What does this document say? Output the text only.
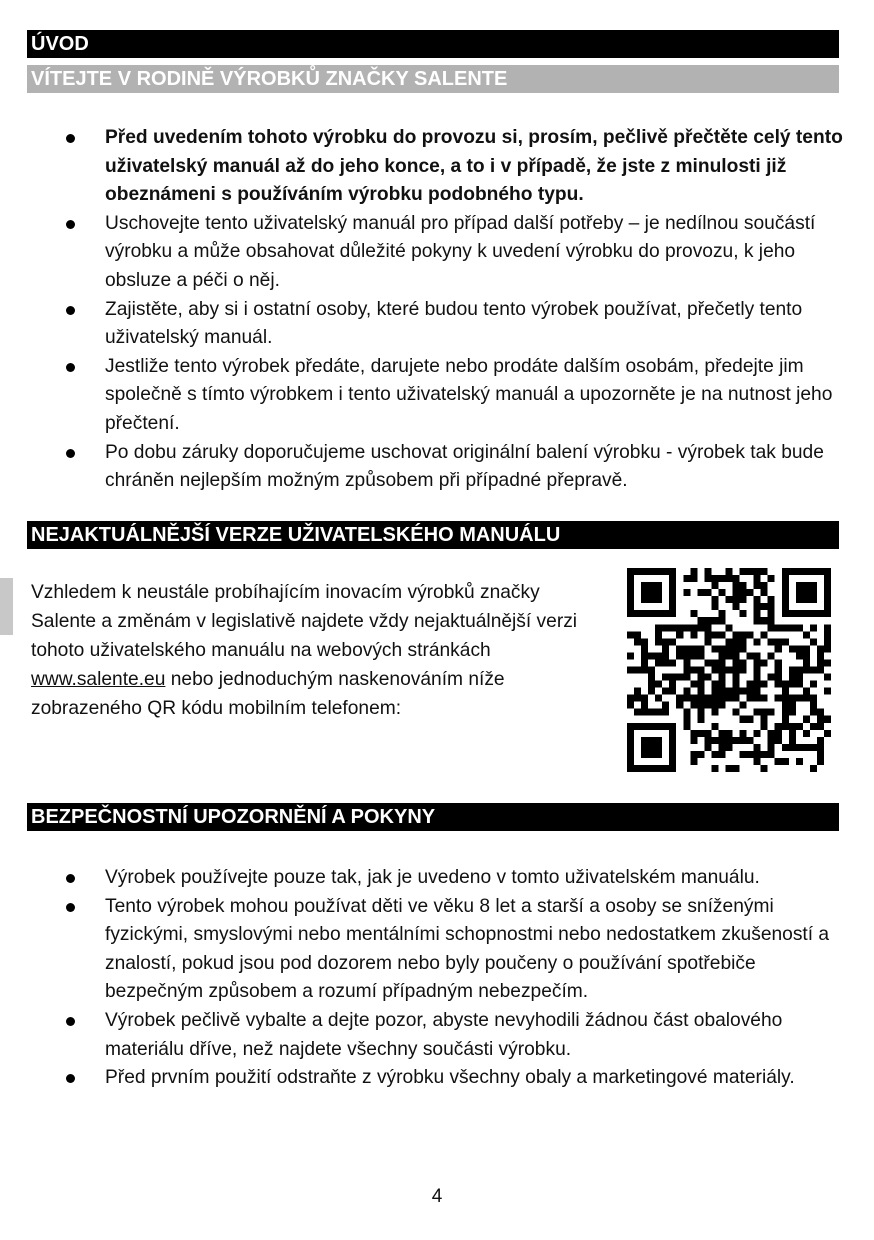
ÚVOD
VÍTEJTE V RODINĚ VÝROBKŮ ZNAČKY SALENTE
Před uvedením tohoto výrobku do provozu si, prosím, pečlivě přečtěte celý tento uživatelský manuál až do jeho konce, a to i v případě, že jste z minulosti již obeznámeni s používáním výrobku podobného typu.
Uschovejte tento uživatelský manuál pro případ další potřeby – je nedílnou součástí výrobku a může obsahovat důležité pokyny k uvedení výrobku do provozu, k jeho obsluze a péči o něj.
Zajistěte, aby si i ostatní osoby, které budou tento výrobek používat, přečetly tento uživatelský manuál.
Jestliže tento výrobek předáte, darujete nebo prodáte dalším osobám, předejte jim společně s tímto výrobkem i tento uživatelský manuál a upozorněte je na nutnost jeho přečtení.
Po dobu záruky doporučujeme uschovat originální balení výrobku - výrobek tak bude chráněn nejlepším možným způsobem při případné přepravě.
NEJAKTUÁLNĚJŠÍ VERZE UŽIVATELSKÉHO MANUÁLU

Vzhledem k neustále probíhajícím inovacím výrobků značky Salente a změnám v legislativě najdete vždy nejaktuálnější verzi tohoto uživatelského manuálu na webových stránkách www.salente.eu nebo jednoduchým naskenováním níže zobrazeného QR kódu mobilním telefonem:

BEZPEČNOSTNÍ UPOZORNĚNÍ A POKYNY
Výrobek používejte pouze tak, jak je uvedeno v tomto uživatelském manuálu.
Tento výrobek mohou používat děti ve věku 8 let a starší a osoby se sníženými fyzickými, smyslovými nebo mentálními schopnostmi nebo nedostatkem zkušeností a znalostí, pokud jsou pod dozorem nebo byly poučeny o používání spotřebiče bezpečným způsobem a rozumí případným nebezpečím.
Výrobek pečlivě vybalte a dejte pozor, abyste nevyhodili žádnou část obalového materiálu dříve, než najdete všechny součásti výrobku.
Před prvním použití odstraňte z výrobku všechny obaly a marketingové materiály.
4
